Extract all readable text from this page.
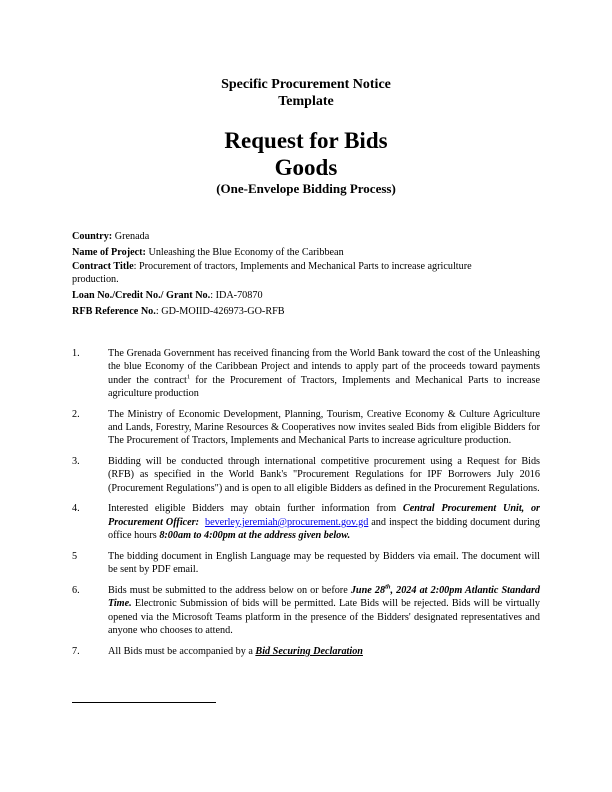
Specific Procurement Notice
Template
Request for Bids
Goods
(One-Envelope Bidding Process)

Country: Grenada

Name of Project: Unleashing the Blue Economy of the Caribbean

Contract Title: Procurement of tractors, Implements and Mechanical Parts to increase agriculture production.

Loan No./Credit No./ Grant No.: IDA-70870

RFB Reference No.: GD-MOIID-426973-GO-RFB

1.	The Grenada Government has received financing from the World Bank toward the cost of the Unleashing the blue Economy of the Caribbean Project and intends to apply part of the proceeds toward payments under the contract$^1$ for the Procurement of Tractors, Implements and Mechanical Parts to increase agriculture production
2.	The Ministry of Economic Development, Planning, Tourism, Creative Economy & Culture Agriculture and Lands, Forestry, Marine Resources & Cooperatives now invites sealed Bids from eligible Bidders for The Procurement of Tractors, Implements and Mechanical Parts to increase agriculture production.
3.	Bidding will be conducted through international competitive procurement using a Request for Bids (RFB) as specified in the World Bank's "Procurement Regulations for IPF Borrowers July 2016 (Procurement Regulations") and is open to all eligible Bidders as defined in the Procurement Regulations.
4.	Interested eligible Bidders may obtain further information from Central Procurement Unit, or Procurement Officer: beverley.jeremiah@procurement.gov.gd and inspect the bidding document during office hours 8:00am to 4:00pm at the address given below.
5	The bidding document in English Language may be requested by Bidders via email. The document will be sent by PDF email.
6.	Bids must be submitted to the address below on or before June 28th, 2024 at 2:00pm Atlantic Standard Time. Electronic Submission of bids will be permitted. Late Bids will be rejected. Bids will be virtually opened via the Microsoft Teams platform in the presence of the Bidders' designated representatives and anyone who chooses to attend.
7.	All Bids must be accompanied by a Bid Securing Declaration
